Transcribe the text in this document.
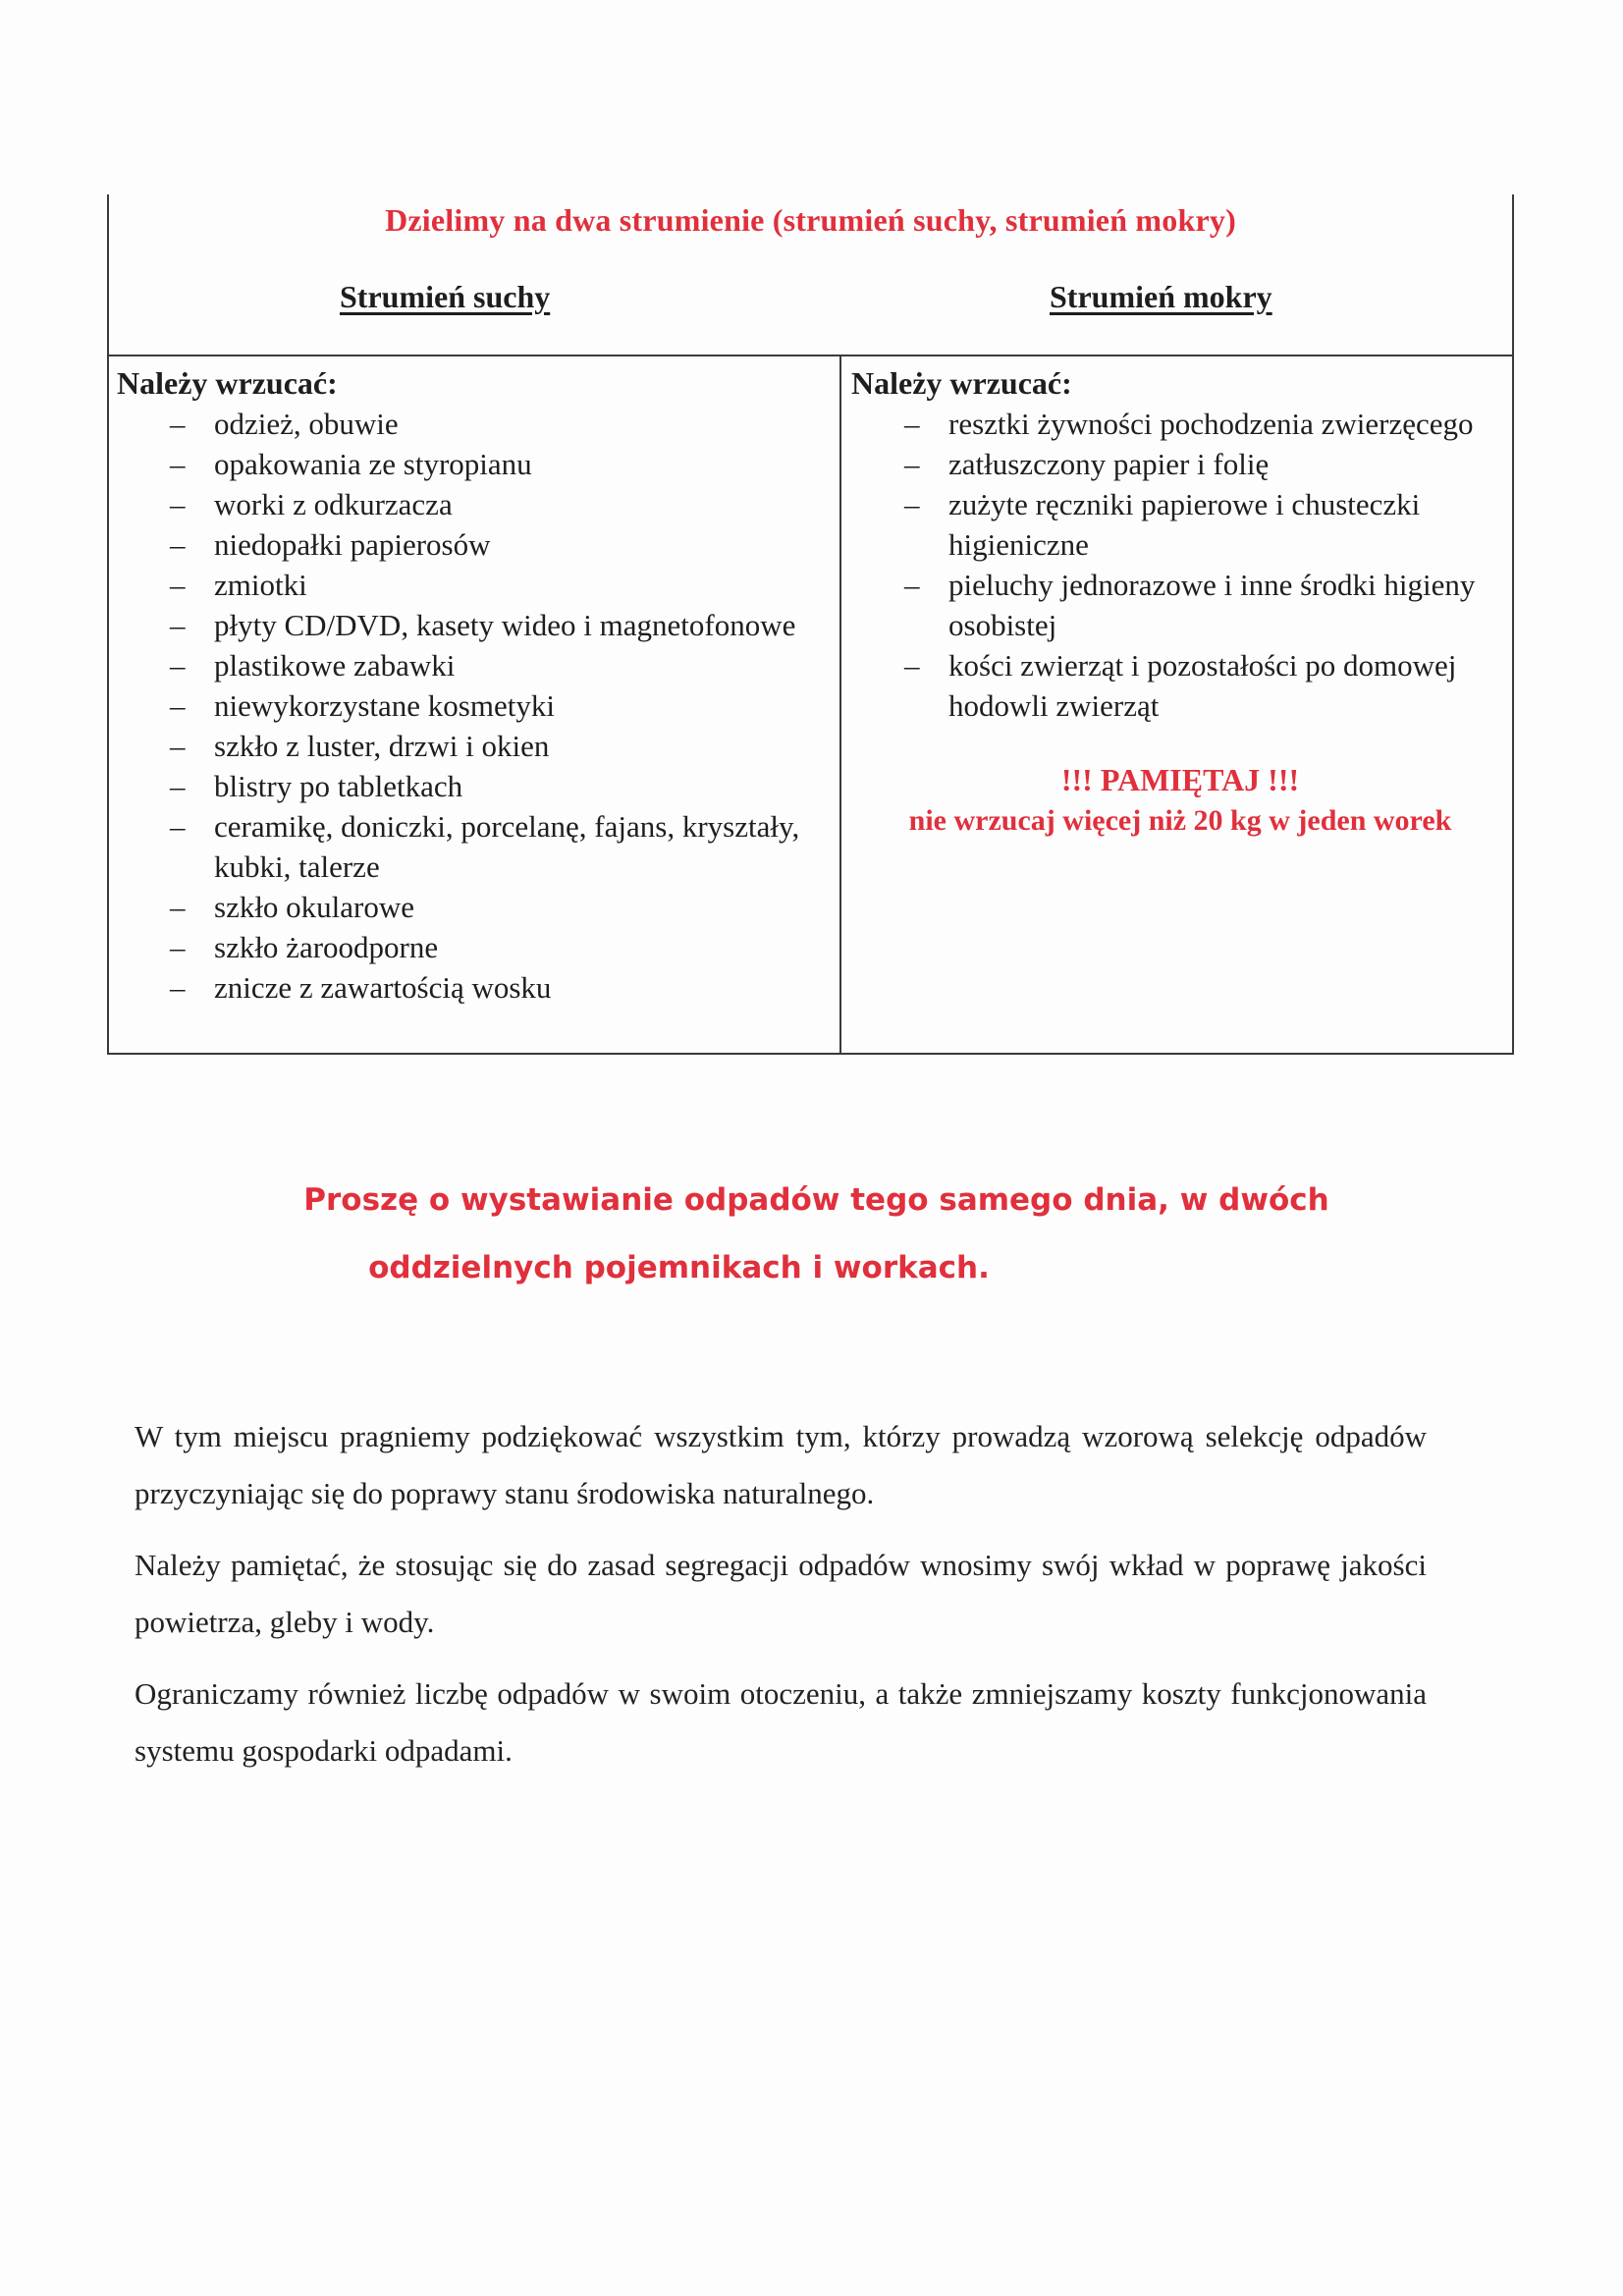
Dzielimy na dwa strumienie (strumień suchy, strumień mokry)
Strumień suchy	Strumień mokry
Należy wrzucać:
– odzież, obuwie
– opakowania ze styropianu
– worki z odkurzacza
– niedopałki papierosów
– zmiotki
– płyty CD/DVD, kasety wideo i magnetofonowe
– plastikowe zabawki
– niewykorzystane kosmetyki
– szkło z luster, drzwi i okien
– blistry po tabletkach
– ceramikę, doniczki, porcelanę, fajans, kryształy, kubki, talerze
– szkło okularowe
– szkło żaroodporne
– znicze z zawartością wosku
Należy wrzucać:
– resztki żywności pochodzenia zwierzęcego
– zatłuszczony papier i folię
– zużyte ręczniki papierowe i chusteczki higieniczne
– pieluchy jednorazowe i inne środki higieny osobistej
– kości zwierząt i pozostałości po domowej hodowli zwierząt
!!! PAMIĘTAJ !!!
nie wrzucaj więcej niż 20 kg w jeden worek
Proszę o wystawianie odpadów tego samego dnia, w dwóch
oddzielnych pojemnikach i workach.
W tym miejscu pragniemy podziękować wszystkim tym, którzy prowadzą wzorową selekcję odpadów przyczyniając się do poprawy stanu środowiska naturalnego.
Należy pamiętać, że stosując się do zasad segregacji odpadów wnosimy swój wkład w poprawę jakości powietrza, gleby i wody.
Ograniczamy również liczbę odpadów w swoim otoczeniu, a także zmniejszamy koszty funkcjonowania systemu gospodarki odpadami.
